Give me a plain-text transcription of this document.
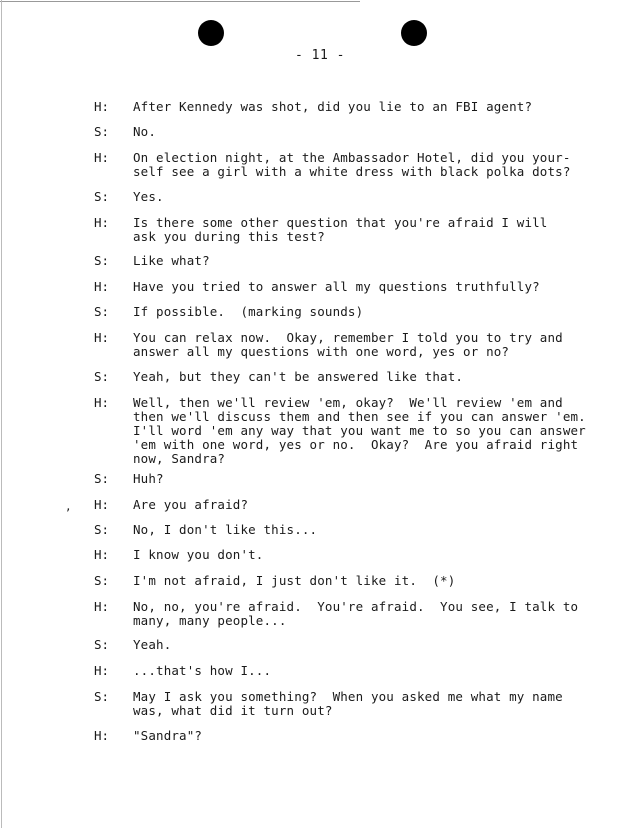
- 11 -
,
H: After Kennedy was shot, did you lie to an FBI agent?
S: No.
H: On election night, at the Ambassador Hotel, did you your-
self see a girl with a white dress with black polka dots?
S: Yes.
H: Is there some other question that you're afraid I will
ask you during this test?
S: Like what?
H: Have you tried to answer all my questions truthfully?
S: If possible.  (marking sounds)
H: You can relax now.  Okay, remember I told you to try and
answer all my questions with one word, yes or no?
S: Yeah, but they can't be answered like that.
H: Well, then we'll review 'em, okay?  We'll review 'em and
then we'll discuss them and then see if you can answer 'em.
I'll word 'em any way that you want me to so you can answer
'em with one word, yes or no.  Okay?  Are you afraid right
now, Sandra?
S: Huh?
H: Are you afraid?
S: No, I don't like this...
H: I know you don't.
S: I'm not afraid, I just don't like it.  (*)
H: No, no, you're afraid.  You're afraid.  You see, I talk to
many, many people...
S: Yeah.
H: ...that's how I...
S: May I ask you something?  When you asked me what my name
was, what did it turn out?
H: "Sandra"?
